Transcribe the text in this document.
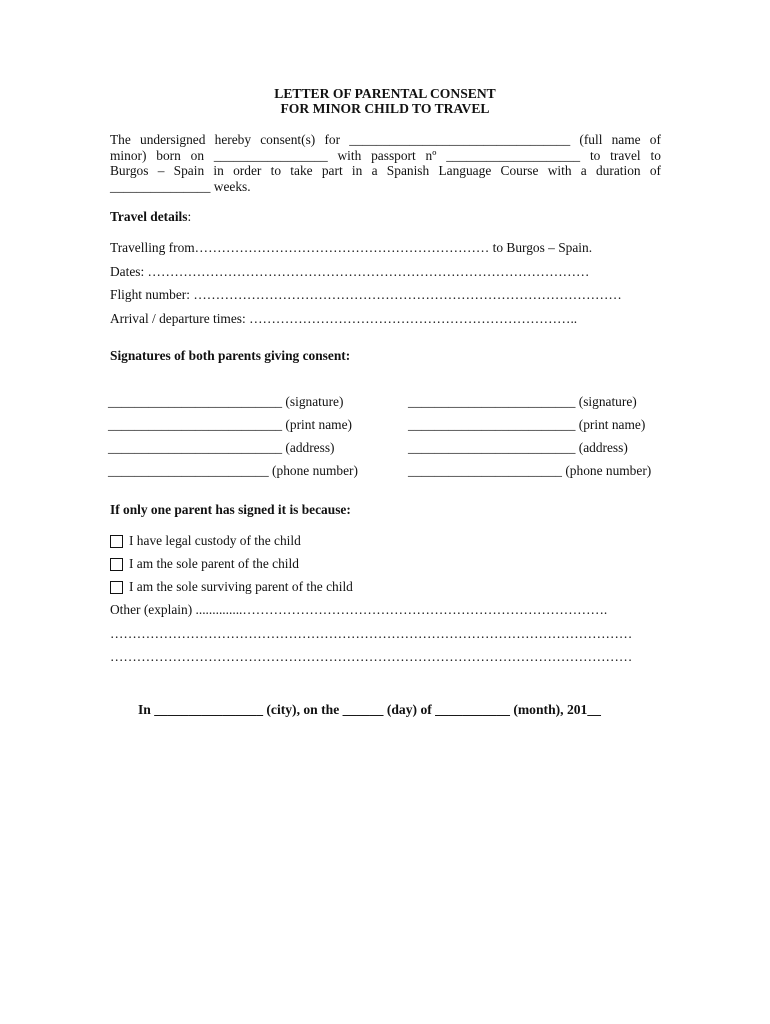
LETTER OF PARENTAL CONSENT

FOR MINOR CHILD TO TRAVEL

The undersigned hereby consent(s) for _________________________________ (full name of
minor) born on _________________ with passport nº ____________________ to travel to
Burgos – Spain in order to take part in a Spanish Language Course with a duration of
_______________ weeks.

Travel details:

Travelling from………………………………………………………… to Burgos – Spain.

Dates: ………………………………………………………………………………………

Flight number: ……………………………………………………………………………………

Arrival / departure times: ………………………………………………………………..

Signatures of both parents giving consent:

__________________________ (signature)

__________________________ (print name)

__________________________ (address)

________________________ (phone number)

_________________________ (signature)

_________________________ (print name)

_________________________ (address)

_______________________ (phone number)

If only one parent has signed it is because:

I have legal custody of the child
I am the sole parent of the child
I am the sole surviving parent of the child

Other (explain) ..............……………………………………………………………………….

………………………………………………………………………………………………………

………………………………………………………………………………………………………

In ________________ (city), on the ______ (day) of ___________ (month), 201__
